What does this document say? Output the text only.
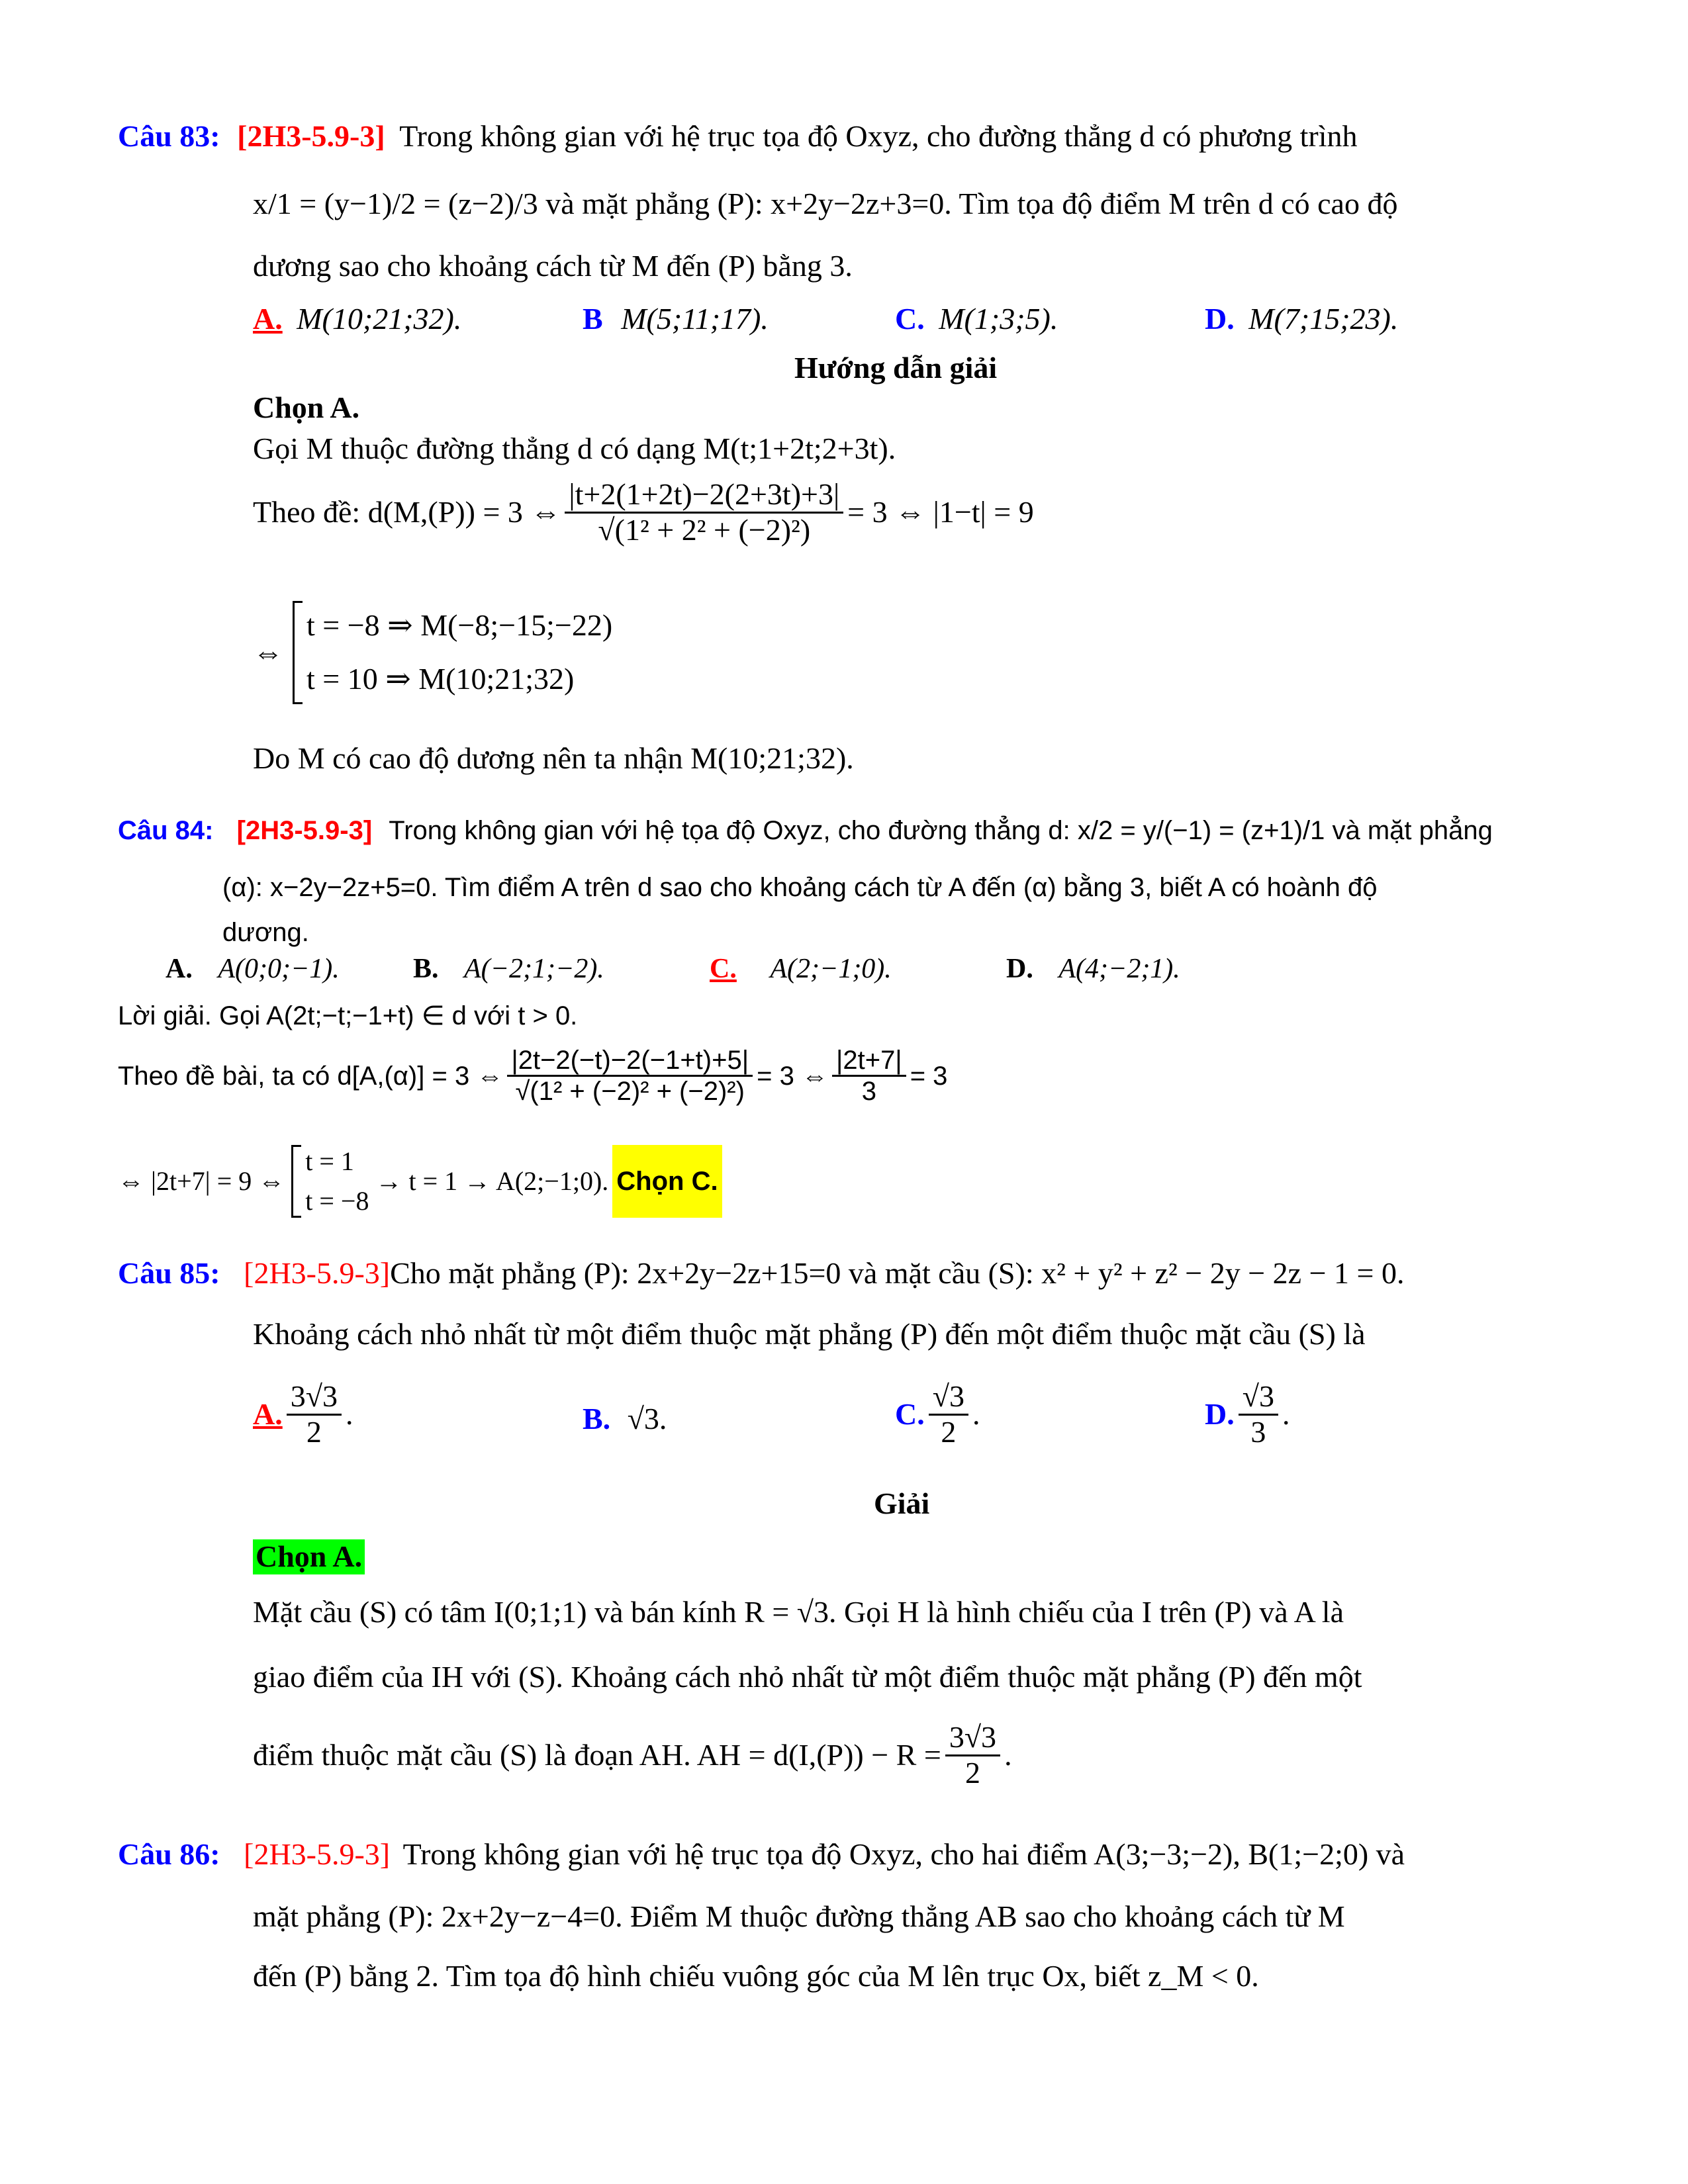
Câu 83: [2H3-5.9-3] Trong không gian với hệ trục tọa độ Oxyz, cho đường thẳng d có phương trình
x/1 = (y−1)/2 = (z−2)/3 và mặt phẳng (P): x+2y−2z+3=0. Tìm tọa độ điểm M trên d có cao độ
dương sao cho khoảng cách từ M đến (P) bằng 3.
A. M(10;21;32).	B M(5;11;17).	C. M(1;3;5).	D. M(7;15;23).
Hướng dẫn giải
Chọn A.
Gọi M thuộc đường thẳng d có dạng M(t;1+2t;2+3t).
Theo đề: d(M,(P)) = 3 ⇔ $\frac{|t+2(1+2t)-2(2+3t)+3|}{\text{√(1² + 2² + (−2)²)}} = 3$ ⇔ |1−t| = 9
⇔
t = −8 ⇒ M(−8;−15;−22)
t = 10 ⇒ M(10;21;32)
Do M có cao độ dương nên ta nhận M(10;21;32).
Câu 84: [2H3-5.9-3] Trong không gian với hệ tọa độ Oxyz, cho đường thẳng d: x/2 = y/(−1) = (z+1)/1 và mặt phẳng
(α): x−2y−2z+5=0. Tìm điểm A trên d sao cho khoảng cách từ A đến (α) bằng 3, biết A có hoành độ
dương.
A. A(0;0;−1).	B. A(−2;1;−2).	C. A(2;−1;0).	D. A(4;−2;1).
Lời giải. Gọi A(2t;−t;−1+t) ∈ d với t > 0.
Theo đề bài, ta có d[A,(α)] = 3 ⇔ $\frac{|2t-2(-t)-2(-1+t)+5|}{\text{√(1² + (−2)² + (−2)²)}} = 3$ ⇔ $\frac{|2t+7|}{3} = 3$
⇔ |2t+7| = 9 ⇔
t = 1
t = −8
→ t = 1 → A(2;−1;0). Chọn C.
Câu 85: [2H3-5.9-3]Cho mặt phẳng (P): 2x+2y−2z+15=0 và mặt cầu (S): x² + y² + z² − 2y − 2z − 1 = 0.
Khoảng cách nhỏ nhất từ một điểm thuộc mặt phẳng (P) đến một điểm thuộc mặt cầu (S) là
A. $\frac{3√3}{2}$ .	B. √3.	C. $\frac{√3}{2}$ .	D. $\frac{√3}{3}$ .
Giải
Chọn A.
Mặt cầu (S) có tâm I(0;1;1) và bán kính R = √3. Gọi H là hình chiếu của I trên (P) và A là
giao điểm của IH với (S). Khoảng cách nhỏ nhất từ một điểm thuộc mặt phẳng (P) đến một
điểm thuộc mặt cầu (S) là đoạn AH. AH = $d(I,(P)) - R = \frac{3√3}{2}$ .
Câu 86: [2H3-5.9-3] Trong không gian với hệ trục tọa độ Oxyz, cho hai điểm A(3;−3;−2), B(1;−2;0) và
mặt phẳng (P): 2x+2y−z−4=0. Điểm M thuộc đường thẳng AB sao cho khoảng cách từ M
đến (P) bằng 2. Tìm tọa độ hình chiếu vuông góc của M lên trục Ox, biết z_M < 0.
